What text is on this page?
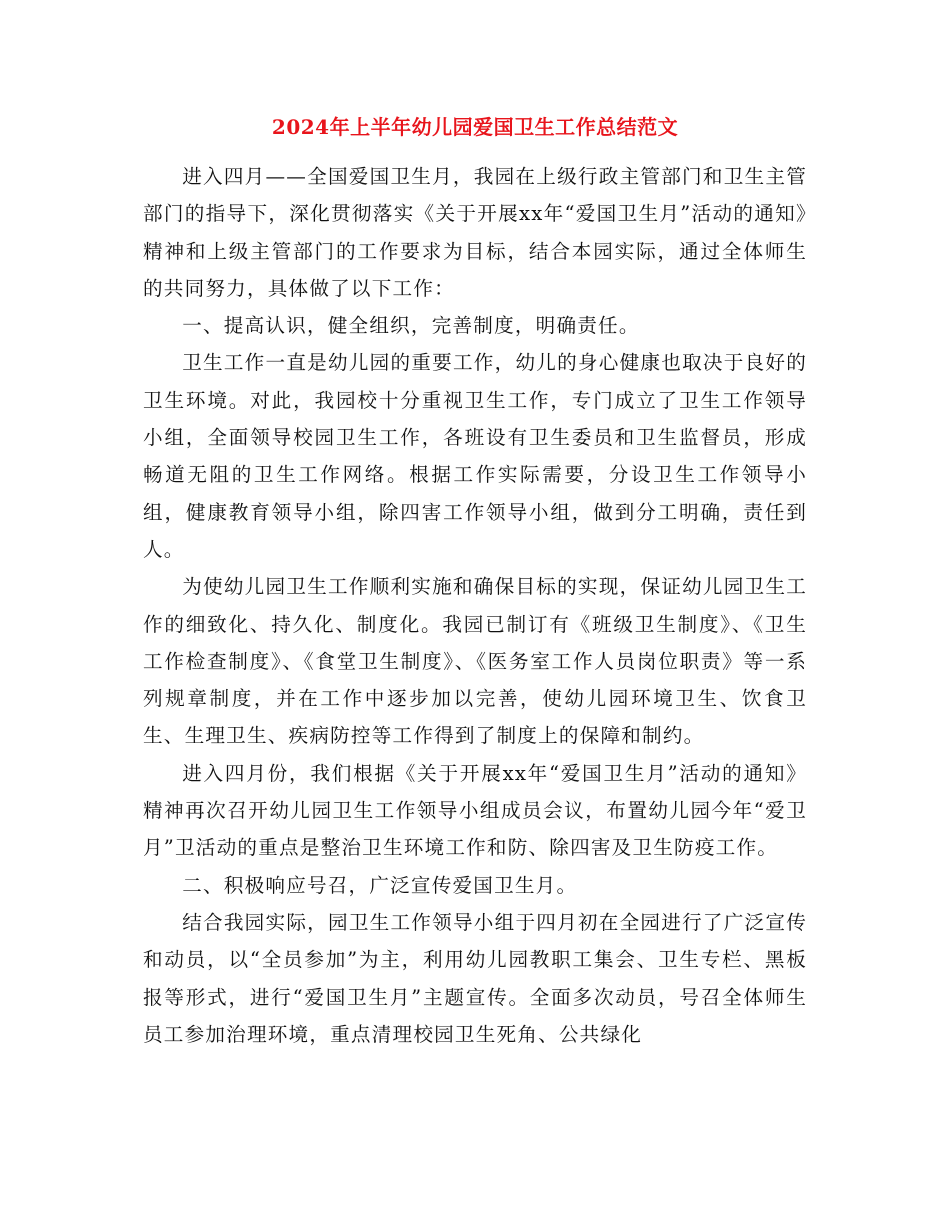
2024年上半年幼儿园爱国卫生工作总结范文

进入四月——全国爱国卫生月，我园在上级行政主管部门和卫生主管部门的指导下，深化贯彻落实《关于开展xx年“爱国卫生月”活动的通知》精神和上级主管部门的工作要求为目标，结合本园实际，通过全体师生的共同努力，具体做了以下工作：

一、提高认识，健全组织，完善制度，明确责任。

卫生工作一直是幼儿园的重要工作，幼儿的身心健康也取决于良好的卫生环境。对此，我园校十分重视卫生工作，专门成立了卫生工作领导小组，全面领导校园卫生工作，各班设有卫生委员和卫生监督员，形成畅道无阻的卫生工作网络。根据工作实际需要，分设卫生工作领导小组，健康教育领导小组，除四害工作领导小组，做到分工明确，责任到人。

为使幼儿园卫生工作顺利实施和确保目标的实现，保证幼儿园卫生工作的细致化、持久化、制度化。我园已制订有《班级卫生制度》、《卫生工作检查制度》、《食堂卫生制度》、《医务室工作人员岗位职责》等一系列规章制度，并在工作中逐步加以完善，使幼儿园环境卫生、饮食卫生、生理卫生、疾病防控等工作得到了制度上的保障和制约。

进入四月份，我们根据《关于开展xx年“爱国卫生月”活动的通知》精神再次召开幼儿园卫生工作领导小组成员会议，布置幼儿园今年“爱卫月”卫活动的重点是整治卫生环境工作和防、除四害及卫生防疫工作。

二、积极响应号召，广泛宣传爱国卫生月。

结合我园实际，园卫生工作领导小组于四月初在全园进行了广泛宣传和动员，以“全员参加”为主，利用幼儿园教职工集会、卫生专栏、黑板报等形式，进行“爱国卫生月”主题宣传。全面多次动员，号召全体师生员工参加治理环境，重点清理校园卫生死角、公共绿化
